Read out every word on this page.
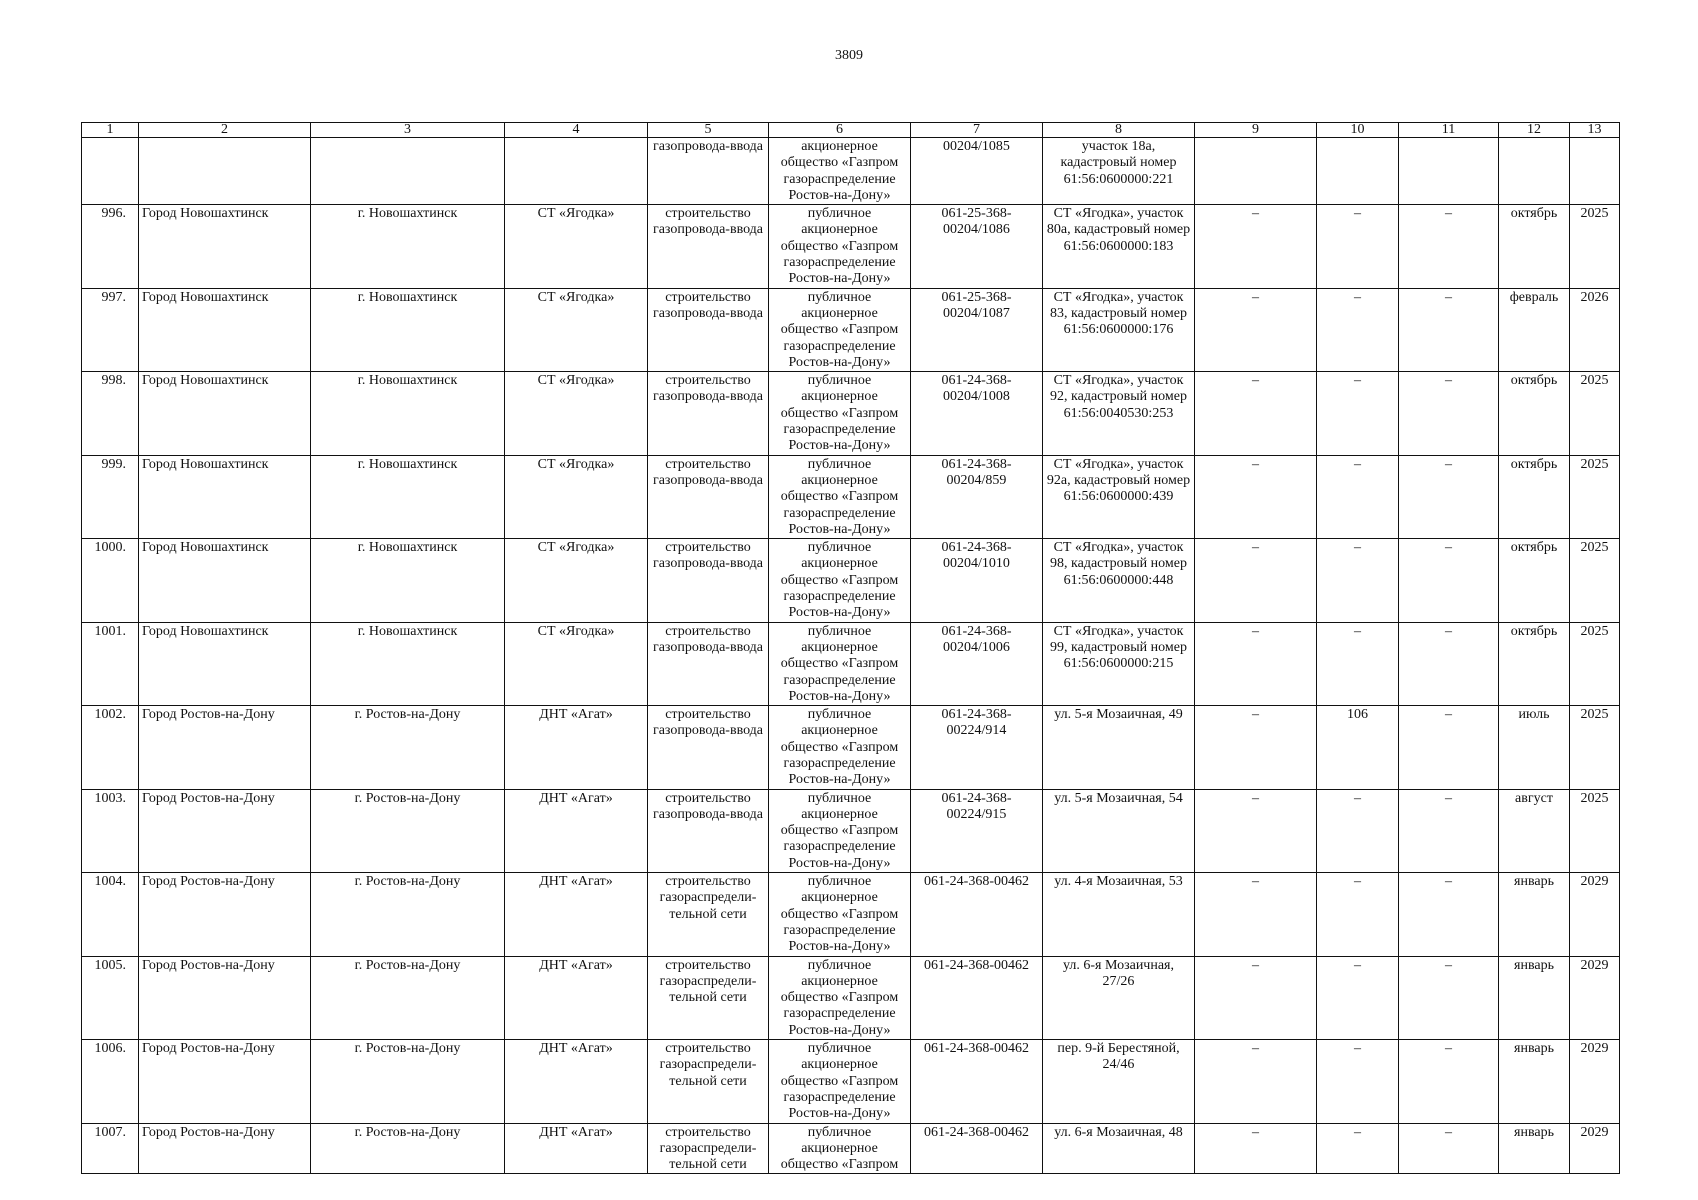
3809
1	2	3	4	5	6	7	8	9	10	11	12	13
				газопровода-ввода	акционерное общество «Газпром газораспределение Ростов-на-Дону»	00204/1085	участок 18а, кадастровый номер 61:56:0600000:221					
996.	Город Новошахтинск	г. Новошахтинск	СТ «Ягодка»	строительство газопровода-ввода	публичное акционерное общество «Газпром газораспределение Ростов-на-Дону»	061-25-368-00204/1086	СТ «Ягодка», участок 80а, кадастровый номер 61:56:0600000:183	–	–	–	октябрь	2025
997.	Город Новошахтинск	г. Новошахтинск	СТ «Ягодка»	строительство газопровода-ввода	публичное акционерное общество «Газпром газораспределение Ростов-на-Дону»	061-25-368-00204/1087	СТ «Ягодка», участок 83, кадастровый номер 61:56:0600000:176	–	–	–	февраль	2026
998.	Город Новошахтинск	г. Новошахтинск	СТ «Ягодка»	строительство газопровода-ввода	публичное акционерное общество «Газпром газораспределение Ростов-на-Дону»	061-24-368-00204/1008	СТ «Ягодка», участок 92, кадастровый номер 61:56:0040530:253	–	–	–	октябрь	2025
999.	Город Новошахтинск	г. Новошахтинск	СТ «Ягодка»	строительство газопровода-ввода	публичное акционерное общество «Газпром газораспределение Ростов-на-Дону»	061-24-368-00204/859	СТ «Ягодка», участок 92а, кадастровый номер 61:56:0600000:439	–	–	–	октябрь	2025
1000.	Город Новошахтинск	г. Новошахтинск	СТ «Ягодка»	строительство газопровода-ввода	публичное акционерное общество «Газпром газораспределение Ростов-на-Дону»	061-24-368-00204/1010	СТ «Ягодка», участок 98, кадастровый номер 61:56:0600000:448	–	–	–	октябрь	2025
1001.	Город Новошахтинск	г. Новошахтинск	СТ «Ягодка»	строительство газопровода-ввода	публичное акционерное общество «Газпром газораспределение Ростов-на-Дону»	061-24-368-00204/1006	СТ «Ягодка», участок 99, кадастровый номер 61:56:0600000:215	–	–	–	октябрь	2025
1002.	Город Ростов-на-Дону	г. Ростов-на-Дону	ДНТ «Агат»	строительство газопровода-ввода	публичное акционерное общество «Газпром газораспределение Ростов-на-Дону»	061-24-368-00224/914	ул. 5-я Мозаичная, 49	–	106	–	июль	2025
1003.	Город Ростов-на-Дону	г. Ростов-на-Дону	ДНТ «Агат»	строительство газопровода-ввода	публичное акционерное общество «Газпром газораспределение Ростов-на-Дону»	061-24-368-00224/915	ул. 5-я Мозаичная, 54	–	–	–	август	2025
1004.	Город Ростов-на-Дону	г. Ростов-на-Дону	ДНТ «Агат»	строительство газораспредели-тельной сети	публичное акционерное общество «Газпром газораспределение Ростов-на-Дону»	061-24-368-00462	ул. 4-я Мозаичная, 53	–	–	–	январь	2029
1005.	Город Ростов-на-Дону	г. Ростов-на-Дону	ДНТ «Агат»	строительство газораспредели-тельной сети	публичное акционерное общество «Газпром газораспределение Ростов-на-Дону»	061-24-368-00462	ул. 6-я Мозаичная, 27/26	–	–	–	январь	2029
1006.	Город Ростов-на-Дону	г. Ростов-на-Дону	ДНТ «Агат»	строительство газораспредели-тельной сети	публичное акционерное общество «Газпром газораспределение Ростов-на-Дону»	061-24-368-00462	пер. 9-й Берестяной, 24/46	–	–	–	январь	2029
1007.	Город Ростов-на-Дону	г. Ростов-на-Дону	ДНТ «Агат»	строительство газораспредели-тельной сети	публичное акционерное общество «Газпром	061-24-368-00462	ул. 6-я Мозаичная, 48	–	–	–	январь	2029
